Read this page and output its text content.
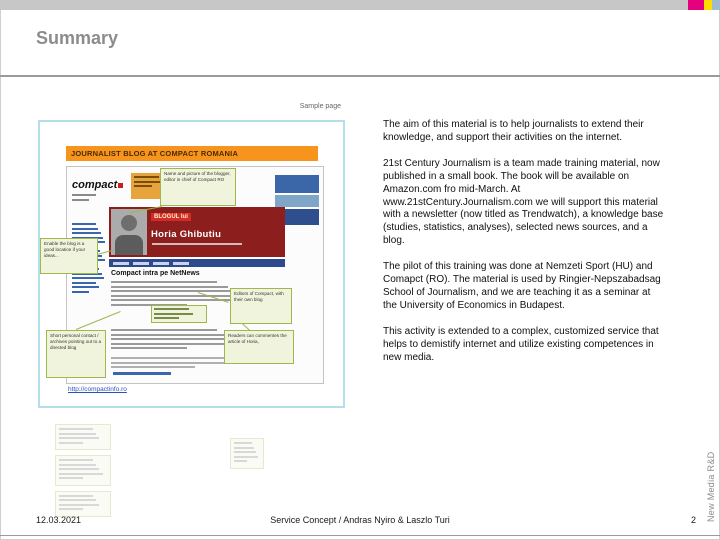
Summary
Sample page
JOURNALIST BLOG AT COMPACT ROMANIA
compact
BLOGUL lui
Horia Ghibutiu
Compact intra pe NetNews
Name and picture of the blogger, editor in chief of Compact RO
Enable the blog is a good location if your ideas...
Editors of Compact, with their own blog
Short personal contact / archives pointing out to a directed blog
Readers can commentes the article of Horia,
http://compactinfo.ro

The aim of this material is to help journalists to extend their knowledge, and support their activities on the internet.

21st Century Journalism is a team made training material, now published in a small book. The book will be available on Amazon.com fro mid-March. At www.21stCentury.Journalism.com we will support this material with a newsletter (now titled as Trendwatch), a knowledge base (studies, statistics, analyses), selected news sources, and a blog.

The pilot of this training was done at Nemzeti Sport (HU) and Comapct (RO). The material is used by Ringier-Nepszabadsag School of Journalism, and we are teaching it as a seminar at the University of Economics in Budapest.

This activity is extended to a complex, customized service that helps to demistify internet and utilize existing competences in new media.

New Media R&D
12.03.2021	Service Concept / Andras Nyiro & Laszlo Turi	2
